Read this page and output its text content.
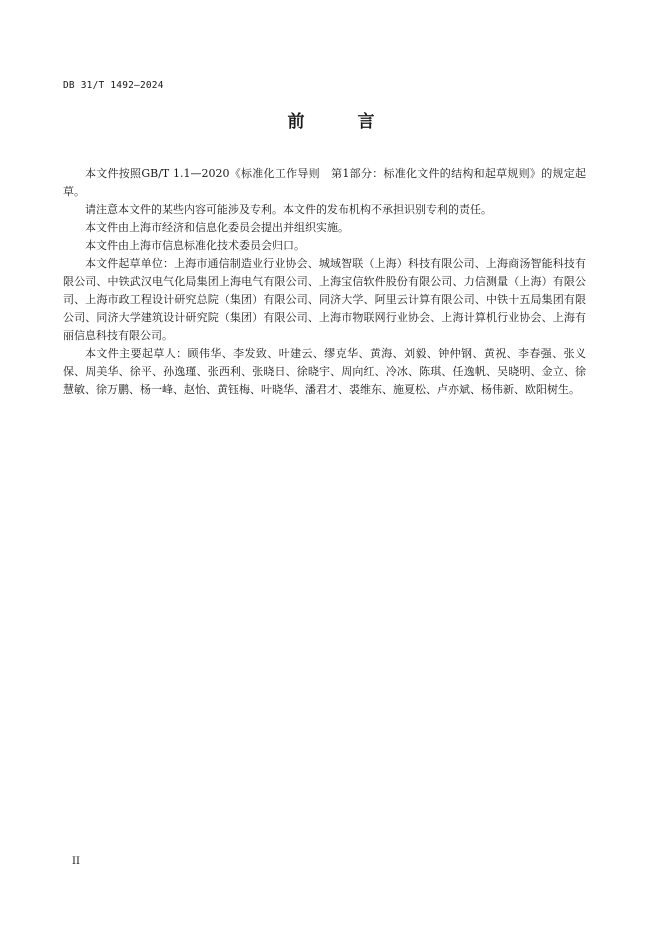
DB 31/T 1492—2024
前　言

本文件按照GB/T 1.1—2020《标准化工作导则　第1部分：标准化文件的结构和起草规则》的规定起草。

请注意本文件的某些内容可能涉及专利。本文件的发布机构不承担识别专利的责任。

本文件由上海市经济和信息化委员会提出并组织实施。

本文件由上海市信息标准化技术委员会归口。

本文件起草单位：上海市通信制造业行业协会、城域智联（上海）科技有限公司、上海商汤智能科技有限公司、中铁武汉电气化局集团上海电气有限公司、上海宝信软件股份有限公司、力信测量（上海）有限公司、上海市政工程设计研究总院（集团）有限公司、同济大学、阿里云计算有限公司、中铁十五局集团有限公司、同济大学建筑设计研究院（集团）有限公司、上海市物联网行业协会、上海计算机行业协会、上海有丽信息科技有限公司。

本文件主要起草人：顾伟华、李发致、叶建云、缪克华、黄海、刘毅、钟仲钢、黄祝、李春强、张义保、周美华、徐平、孙逸瑾、张西利、张晓日、徐晓宇、周向红、冷冰、陈琪、任逸帆、吴晓明、金立、徐慧敏、徐万鹏、杨一峰、赵怡、黄钰梅、叶晓华、潘君才、裘维东、施夏松、卢亦斌、杨伟新、欧阳树生。

II
